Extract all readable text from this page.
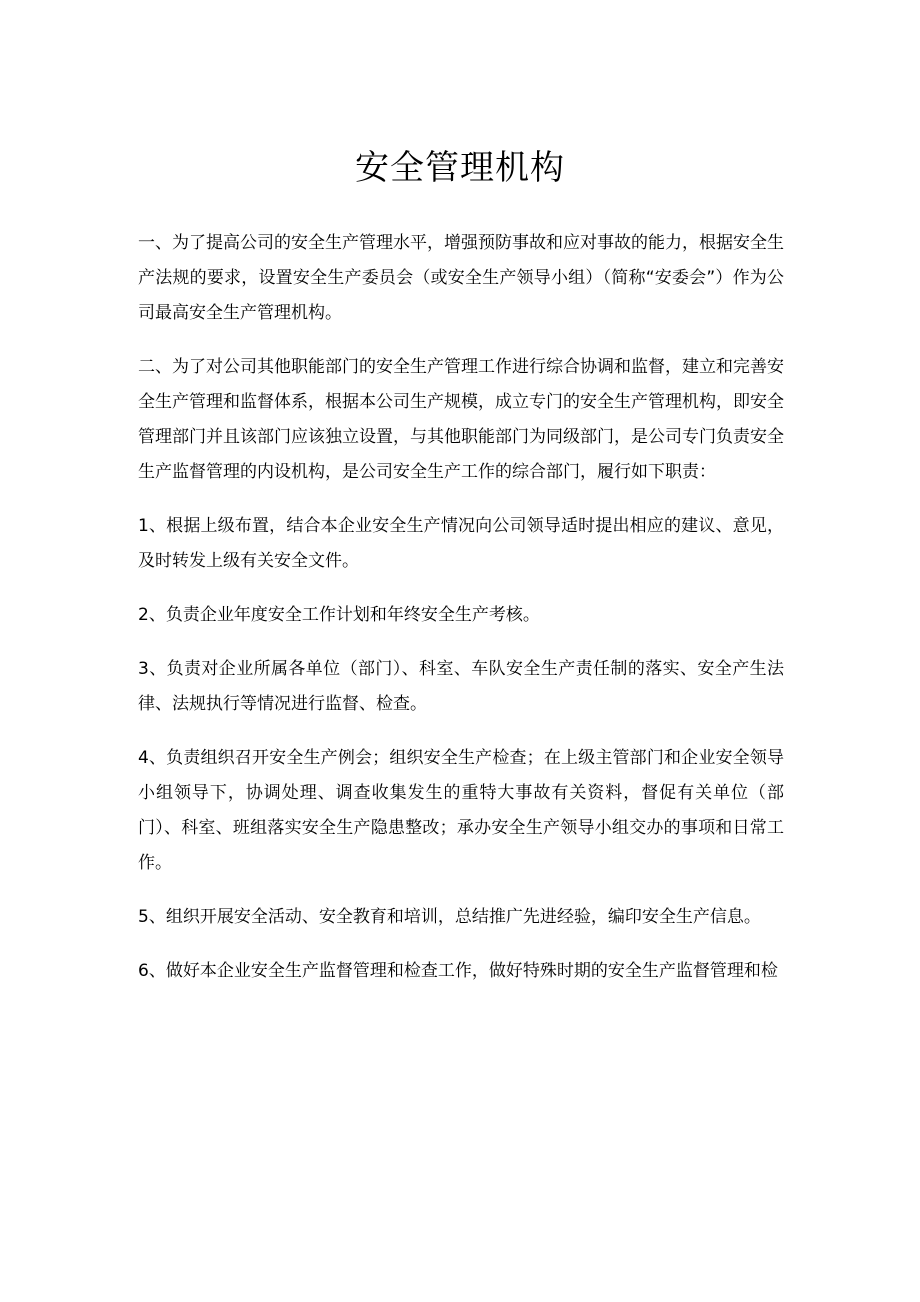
安全管理机构

一、为了提高公司的安全生产管理水平，增强预防事故和应对事故的能力，根据安全生产法规的要求，设置安全生产委员会（或安全生产领导小组）（简称“安委会”）作为公司最高安全生产管理机构。

二、为了对公司其他职能部门的安全生产管理工作进行综合协调和监督，建立和完善安全生产管理和监督体系，根据本公司生产规模，成立专门的安全生产管理机构，即安全管理部门并且该部门应该独立设置，与其他职能部门为同级部门，是公司专门负责安全生产监督管理的内设机构，是公司安全生产工作的综合部门，履行如下职责：

1、根据上级布置，结合本企业安全生产情况向公司领导适时提出相应的建议、意见，及时转发上级有关安全文件。

2、负责企业年度安全工作计划和年终安全生产考核。

3、负责对企业所属各单位（部门）、科室、车队安全生产责任制的落实、安全产生法律、法规执行等情况进行监督、检查。

4、负责组织召开安全生产例会；组织安全生产检查；在上级主管部门和企业安全领导小组领导下，协调处理、调查收集发生的重特大事故有关资料，督促有关单位（部门）、科室、班组落实安全生产隐患整改；承办安全生产领导小组交办的事项和日常工作。

5、组织开展安全活动、安全教育和培训，总结推广先进经验，编印安全生产信息。

6、做好本企业安全生产监督管理和检查工作，做好特殊时期的安全生产监督管理和检
